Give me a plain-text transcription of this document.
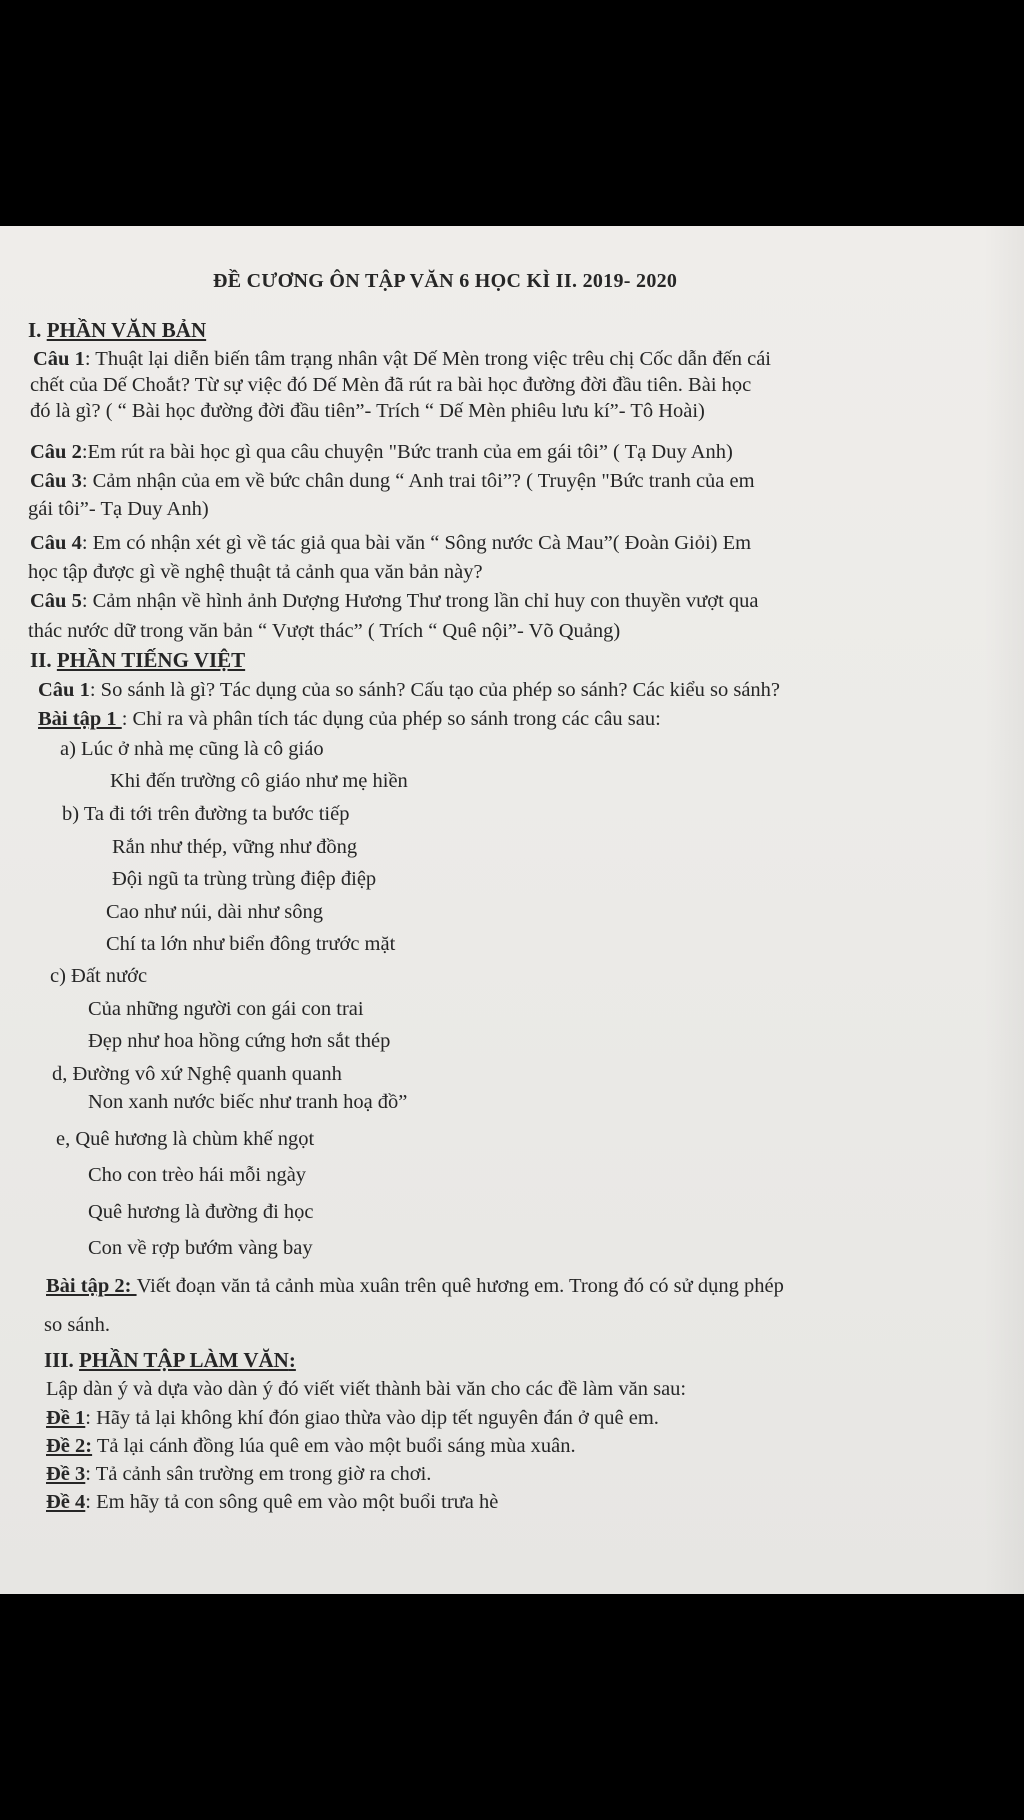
ĐỀ CƯƠNG ÔN TẬP VĂN 6 HỌC KÌ II. 2019- 2020
I. PHẦN VĂN BẢN
Câu 1: Thuật lại diễn biến tâm trạng nhân vật Dế Mèn trong việc trêu chị Cốc dẫn đến cái
chết của Dế Choắt? Từ sự việc đó Dế Mèn đã rút ra bài học đường đời đầu tiên. Bài học
đó là gì? ( “ Bài học đường đời đầu tiên”- Trích “ Dế Mèn phiêu lưu kí”- Tô Hoài)
Câu 2:Em rút ra bài học gì qua câu chuyện "Bức tranh của em gái tôi” ( Tạ Duy Anh)
Câu 3: Cảm nhận của em về bức chân dung “ Anh trai tôi”? ( Truyện "Bức tranh của em
gái tôi”- Tạ Duy Anh)
Câu 4: Em có nhận xét gì về tác giả qua bài văn “ Sông nước Cà Mau”( Đoàn Giỏi) Em
học tập được gì về nghệ thuật tả cảnh qua văn bản này?
Câu 5: Cảm nhận về hình ảnh Dượng Hương Thư trong lần chỉ huy con thuyền vượt qua
thác nước dữ trong văn bản “ Vượt thác” ( Trích “ Quê nội”- Võ Quảng)
II. PHẦN TIẾNG VIỆT
Câu 1: So sánh là gì? Tác dụng của so sánh? Cấu tạo của phép so sánh? Các kiểu so sánh?
Bài tập 1 : Chỉ ra và phân tích tác dụng của phép so sánh trong các câu sau:
a) Lúc ở nhà mẹ cũng là cô giáo
Khi đến trường cô giáo như mẹ hiền
b) Ta đi tới trên đường ta bước tiếp
Rắn như thép, vững như đồng
Đội ngũ ta trùng trùng điệp điệp
Cao như núi, dài như sông
Chí ta lớn như biển đông trước mặt
c) Đất nước
Của những người con gái con trai
Đẹp như hoa hồng cứng hơn sắt thép
d, Đường vô xứ Nghệ quanh quanh
Non xanh nước biếc như tranh hoạ đồ”
e, Quê hương là chùm khế ngọt
Cho con trèo hái mỗi ngày
Quê hương là đường đi học
Con về rợp bướm vàng bay
Bài tập 2: Viết đoạn văn tả cảnh mùa xuân trên quê hương em. Trong đó có sử dụng phép
so sánh.
III. PHẦN TẬP LÀM VĂN:
Lập dàn ý và dựa vào dàn ý đó viết viết thành bài văn cho các đề làm văn sau:
Đề 1: Hãy tả lại không khí đón giao thừa vào dịp tết nguyên đán ở quê em.
Đề 2: Tả lại cánh đồng lúa quê em vào một buổi sáng mùa xuân.
Đề 3: Tả cảnh sân trường em trong giờ ra chơi.
Đề 4: Em hãy tả con sông quê em vào một buổi trưa hè
